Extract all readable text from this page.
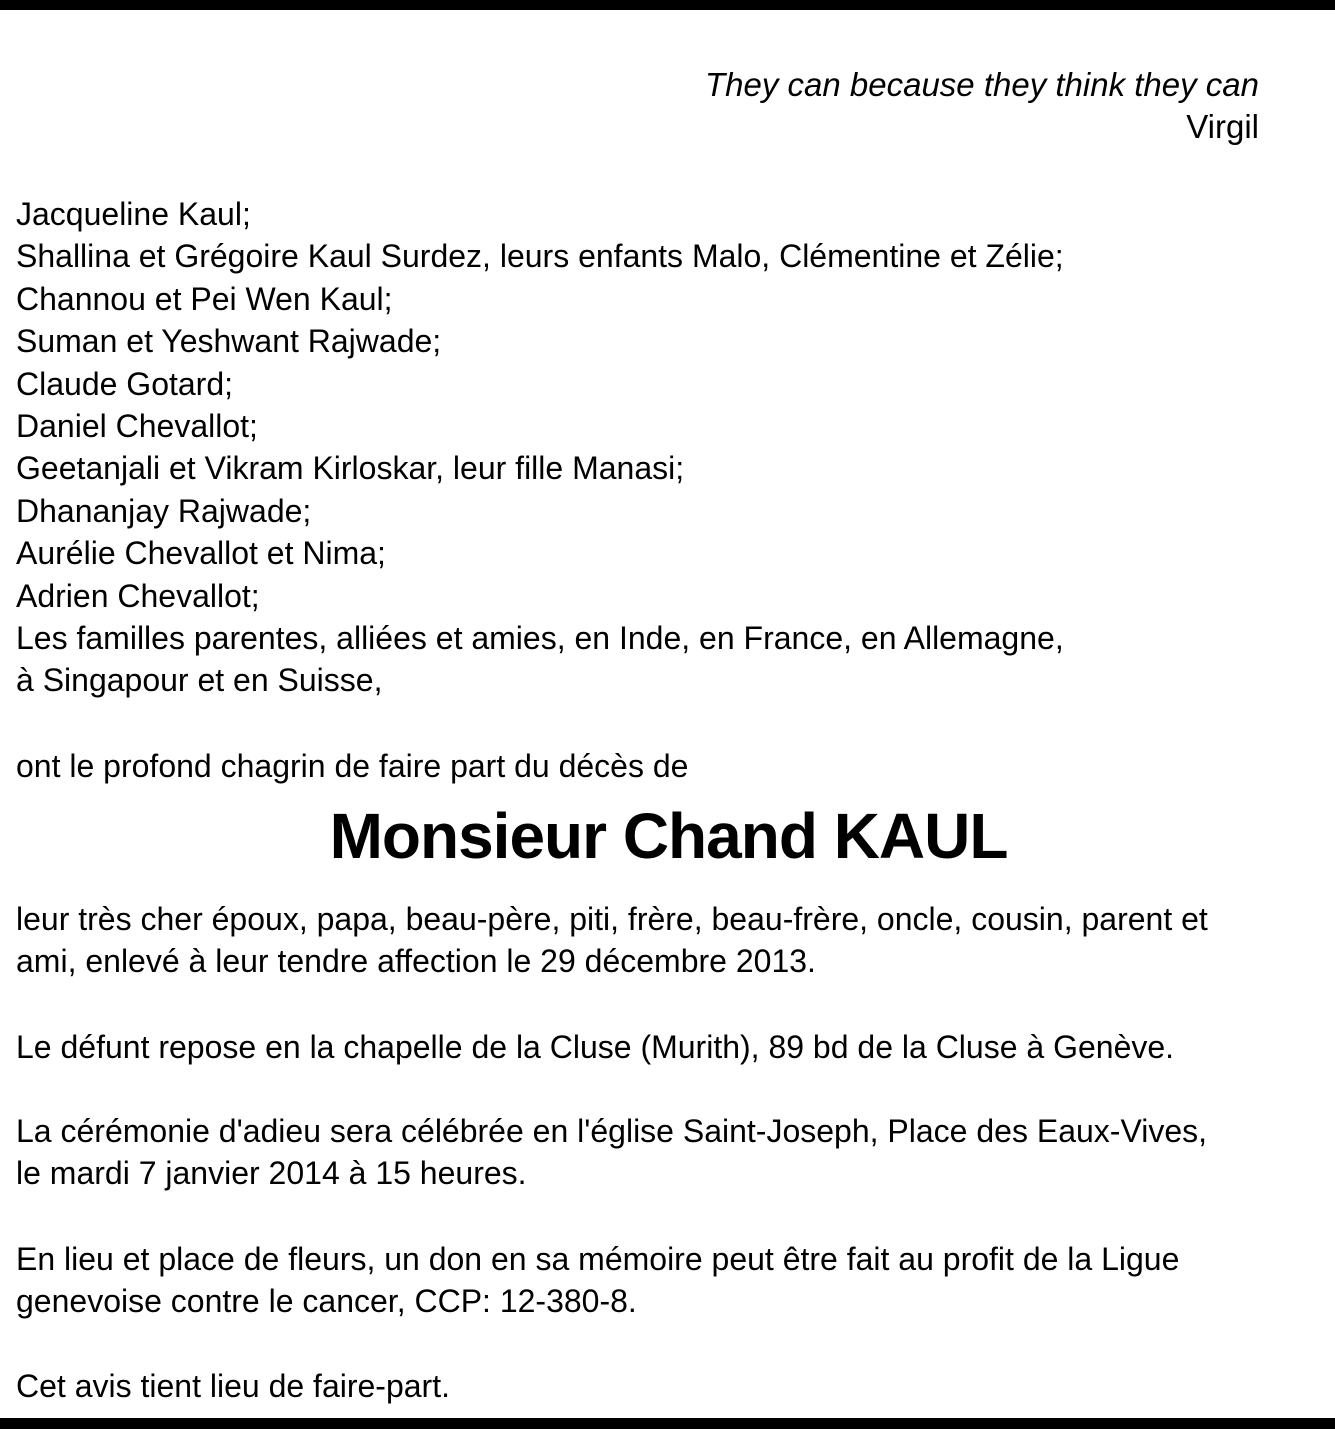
They can because they think they can
Virgil
Jacqueline Kaul;
Shallina et Grégoire Kaul Surdez, leurs enfants Malo, Clémentine et Zélie;
Channou et Pei Wen Kaul;
Suman et Yeshwant Rajwade;
Claude Gotard;
Daniel Chevallot;
Geetanjali et Vikram Kirloskar, leur fille Manasi;
Dhananjay Rajwade;
Aurélie Chevallot et Nima;
Adrien Chevallot;
Les familles parentes, alliées et amies, en Inde, en France, en Allemagne,
à Singapour et en Suisse,
ont le profond chagrin de faire part du décès de
Monsieur Chand KAUL
leur très cher époux, papa, beau-père, piti, frère, beau-frère, oncle, cousin, parent et
ami, enlevé à leur tendre affection le 29 décembre 2013.
Le défunt repose en la chapelle de la Cluse (Murith), 89 bd de la Cluse à Genève.
La cérémonie d'adieu sera célébrée en l'église Saint-Joseph, Place des Eaux-Vives,
le mardi 7 janvier 2014 à 15 heures.
En lieu et place de fleurs, un don en sa mémoire peut être fait au profit de la Ligue
genevoise contre le cancer, CCP: 12-380-8.
Cet avis tient lieu de faire-part.
